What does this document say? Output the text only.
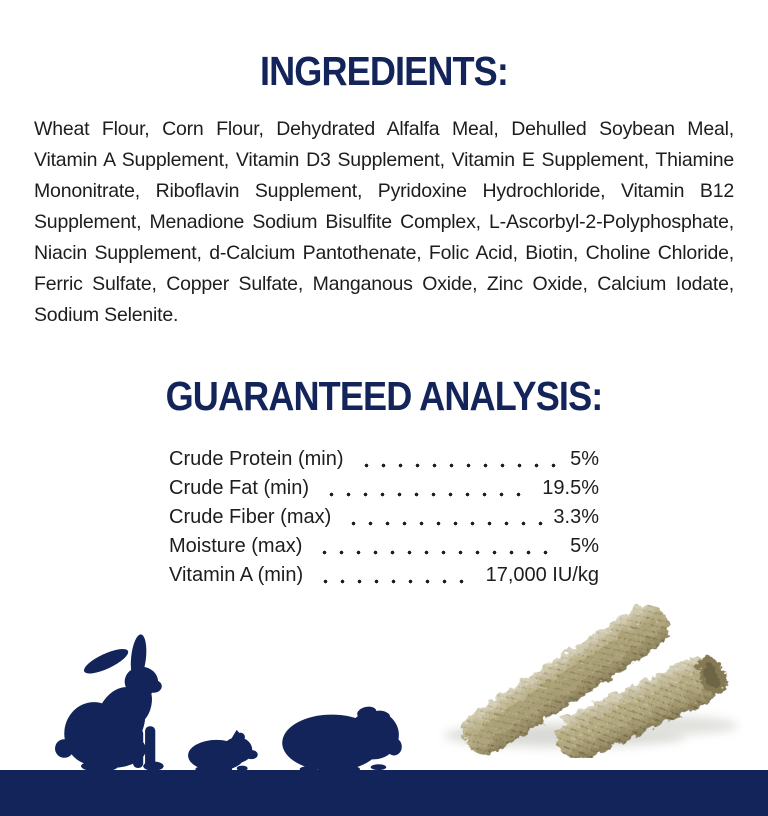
INGREDIENTS:

Wheat Flour, Corn Flour, Dehydrated Alfalfa Meal, Dehulled Soybean Meal, Vitamin A Supplement, Vitamin D3 Supplement, Vitamin E Supplement, Thiamine Mononitrate, Riboflavin Supplement, Pyridoxine Hydrochloride, Vitamin B12 Supplement, Menadione Sodium Bisulfite Complex, L-Ascorbyl-2-Polyphosphate, Niacin Supplement, d-Calcium Pantothenate, Folic Acid, Biotin, Choline Chloride, Ferric Sulfate, Copper Sulfate, Manganous Oxide, Zinc Oxide, Calcium Iodate, Sodium Selenite.

GUARANTEED ANALYSIS:
Crude Protein (min)	5%
Crude Fat (min)	19.5%
Crude Fiber (max)	3.3%
Moisture (max)	5%
Vitamin A (min)	17,000 IU/kg
